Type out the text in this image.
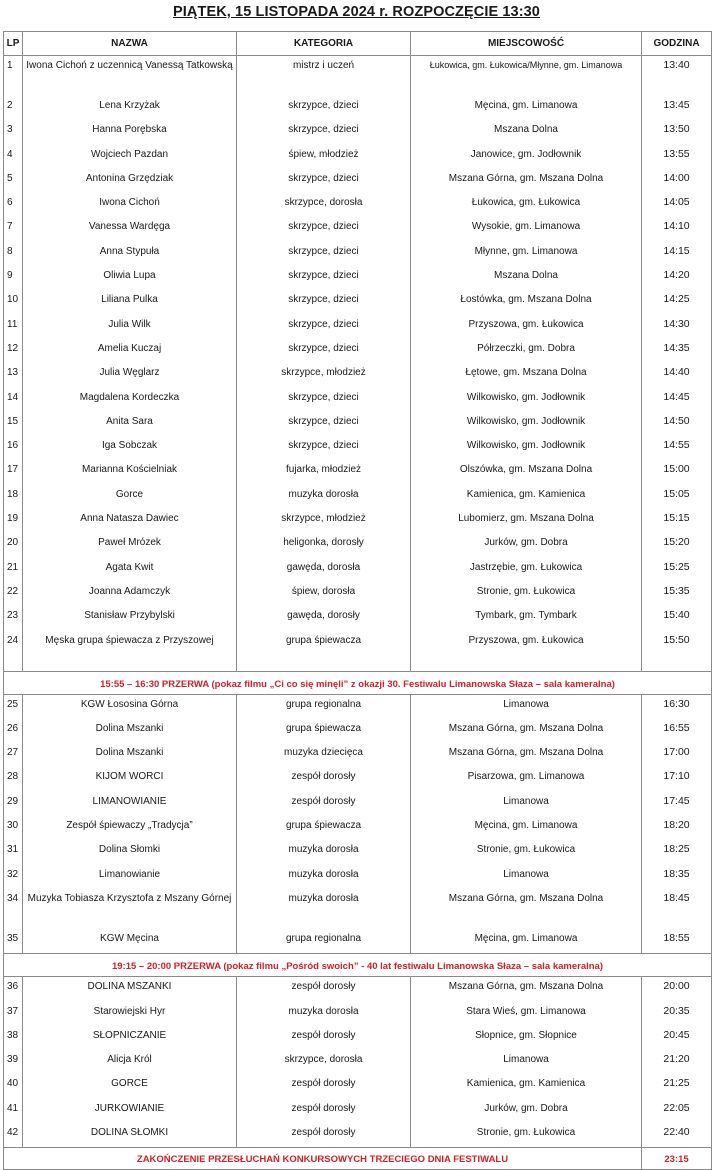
PIĄTEK, 15 LISTOPADA 2024 r. ROZPOCZĘCIE 13:30
LP	NAZWA	KATEGORIA	MIEJSCOWOŚĆ	GODZINA
1	Iwona Cichoń z uczennicą Vanessą Tatkowską	mistrz i uczeń	Łukowica, gm. Łukowica/Młynne, gm. Limanowa	13:40
2	Lena Krzyżak	skrzypce, dzieci	Męcina, gm. Limanowa	13:45
3	Hanna Porębska	skrzypce, dzieci	Mszana Dolna	13:50
4	Wojciech Pazdan	śpiew, młodzież	Janowice, gm. Jodłownik	13:55
5	Antonina Grzędziak	skrzypce, dzieci	Mszana Górna, gm. Mszana Dolna	14:00
6	Iwona Cichoń	skrzypce, dorosła	Łukowica, gm. Łukowica	14:05
7	Vanessa Wardęga	skrzypce, dzieci	Wysokie, gm. Limanowa	14:10
8	Anna Stypuła	skrzypce, dzieci	Młynne, gm. Limanowa	14:15
9	Oliwia Lupa	skrzypce, dzieci	Mszana Dolna	14:20
10	Liliana Pulka	skrzypce, dzieci	Łostówka, gm. Mszana Dolna	14:25
11	Julia Wilk	skrzypce, dzieci	Przyszowa, gm. Łukowica	14:30
12	Amelia Kuczaj	skrzypce, dzieci	Półrzeczki, gm. Dobra	14:35
13	Julia Węglarz	skrzypce, młodzież	Łętowe, gm. Mszana Dolna	14:40
14	Magdalena Kordeczka	skrzypce, dzieci	Wilkowisko, gm. Jodłownik	14:45
15	Anita Sara	skrzypce, dzieci	Wilkowisko, gm. Jodłownik	14:50
16	Iga Sobczak	skrzypce, dzieci	Wilkowisko, gm. Jodłownik	14:55
17	Marianna Kościelniak	fujarka, młodzież	Olszówka, gm. Mszana Dolna	15:00
18	Gorce	muzyka dorosła	Kamienica, gm. Kamienica	15:05
19	Anna Natasza Dawiec	skrzypce, młodzież	Lubomierz, gm. Mszana Dolna	15:15
20	Paweł Mrózek	heligonka, dorosły	Jurków, gm. Dobra	15:20
21	Agata Kwit	gawęda, dorosła	Jastrzębie, gm. Łukowica	15:25
22	Joanna Adamczyk	śpiew, dorosła	Stronie, gm. Łukowica	15:35
23	Stanisław Przybylski	gawęda, dorosły	Tymbark, gm. Tymbark	15:40
24	Męska grupa śpiewacza z Przyszowej	grupa śpiewacza	Przyszowa, gm. Łukowica	15:50
15:55 – 16:30 PRZERWA (pokaz filmu „Ci co się minęli” z okazji 30. Festiwalu Limanowska Słaza – sala kameralna)				
25	KGW Łososina Górna	grupa regionalna	Limanowa	16:30
26	Dolina Mszanki	grupa śpiewacza	Mszana Górna, gm. Mszana Dolna	16:55
27	Dolina Mszanki	muzyka dziecięca	Mszana Górna, gm. Mszana Dolna	17:00
28	KIJOM WORCI	zespół dorosły	Pisarzowa, gm. Limanowa	17:10
29	LIMANOWIANIE	zespół dorosły	Limanowa	17:45
30	Zespół śpiewaczy „Tradycja”	grupa śpiewacza	Męcina, gm. Limanowa	18:20
31	Dolina Słomki	muzyka dorosła	Stronie, gm. Łukowica	18:25
32	Limanowianie	muzyka dorosła	Limanowa	18:35
34	Muzyka Tobiasza Krzysztofa z Mszany Górnej	muzyka dorosła	Mszana Górna, gm. Mszana Dolna	18:45
35	KGW Męcina	grupa regionalna	Męcina, gm. Limanowa	18:55
19:15 – 20:00 PRZERWA (pokaz filmu „Pośród swoich” - 40 lat festiwalu Limanowska Słaza – sala kameralna)				
36	DOLINA MSZANKI	zespół dorosły	Mszana Górna, gm. Mszana Dolna	20:00
37	Starowiejski Hyr	muzyka dorosła	Stara Wieś, gm. Limanowa	20:35
38	SŁOPNICZANIE	zespół dorosły	Słopnice, gm. Słopnice	20:45
39	Alicja Król	skrzypce, dorosła	Limanowa	21:20
40	GORCE	zespół dorosły	Kamienica, gm. Kamienica	21:25
41	JURKOWIANIE	zespół dorosły	Jurków, gm. Dobra	22:05
42	DOLINA SŁOMKI	zespół dorosły	Stronie, gm. Łukowica	22:40
ZAKOŃCZENIE PRZESŁUCHAŃ KONKURSOWYCH TRZECIEGO DNIA FESTIWALU				23:15
